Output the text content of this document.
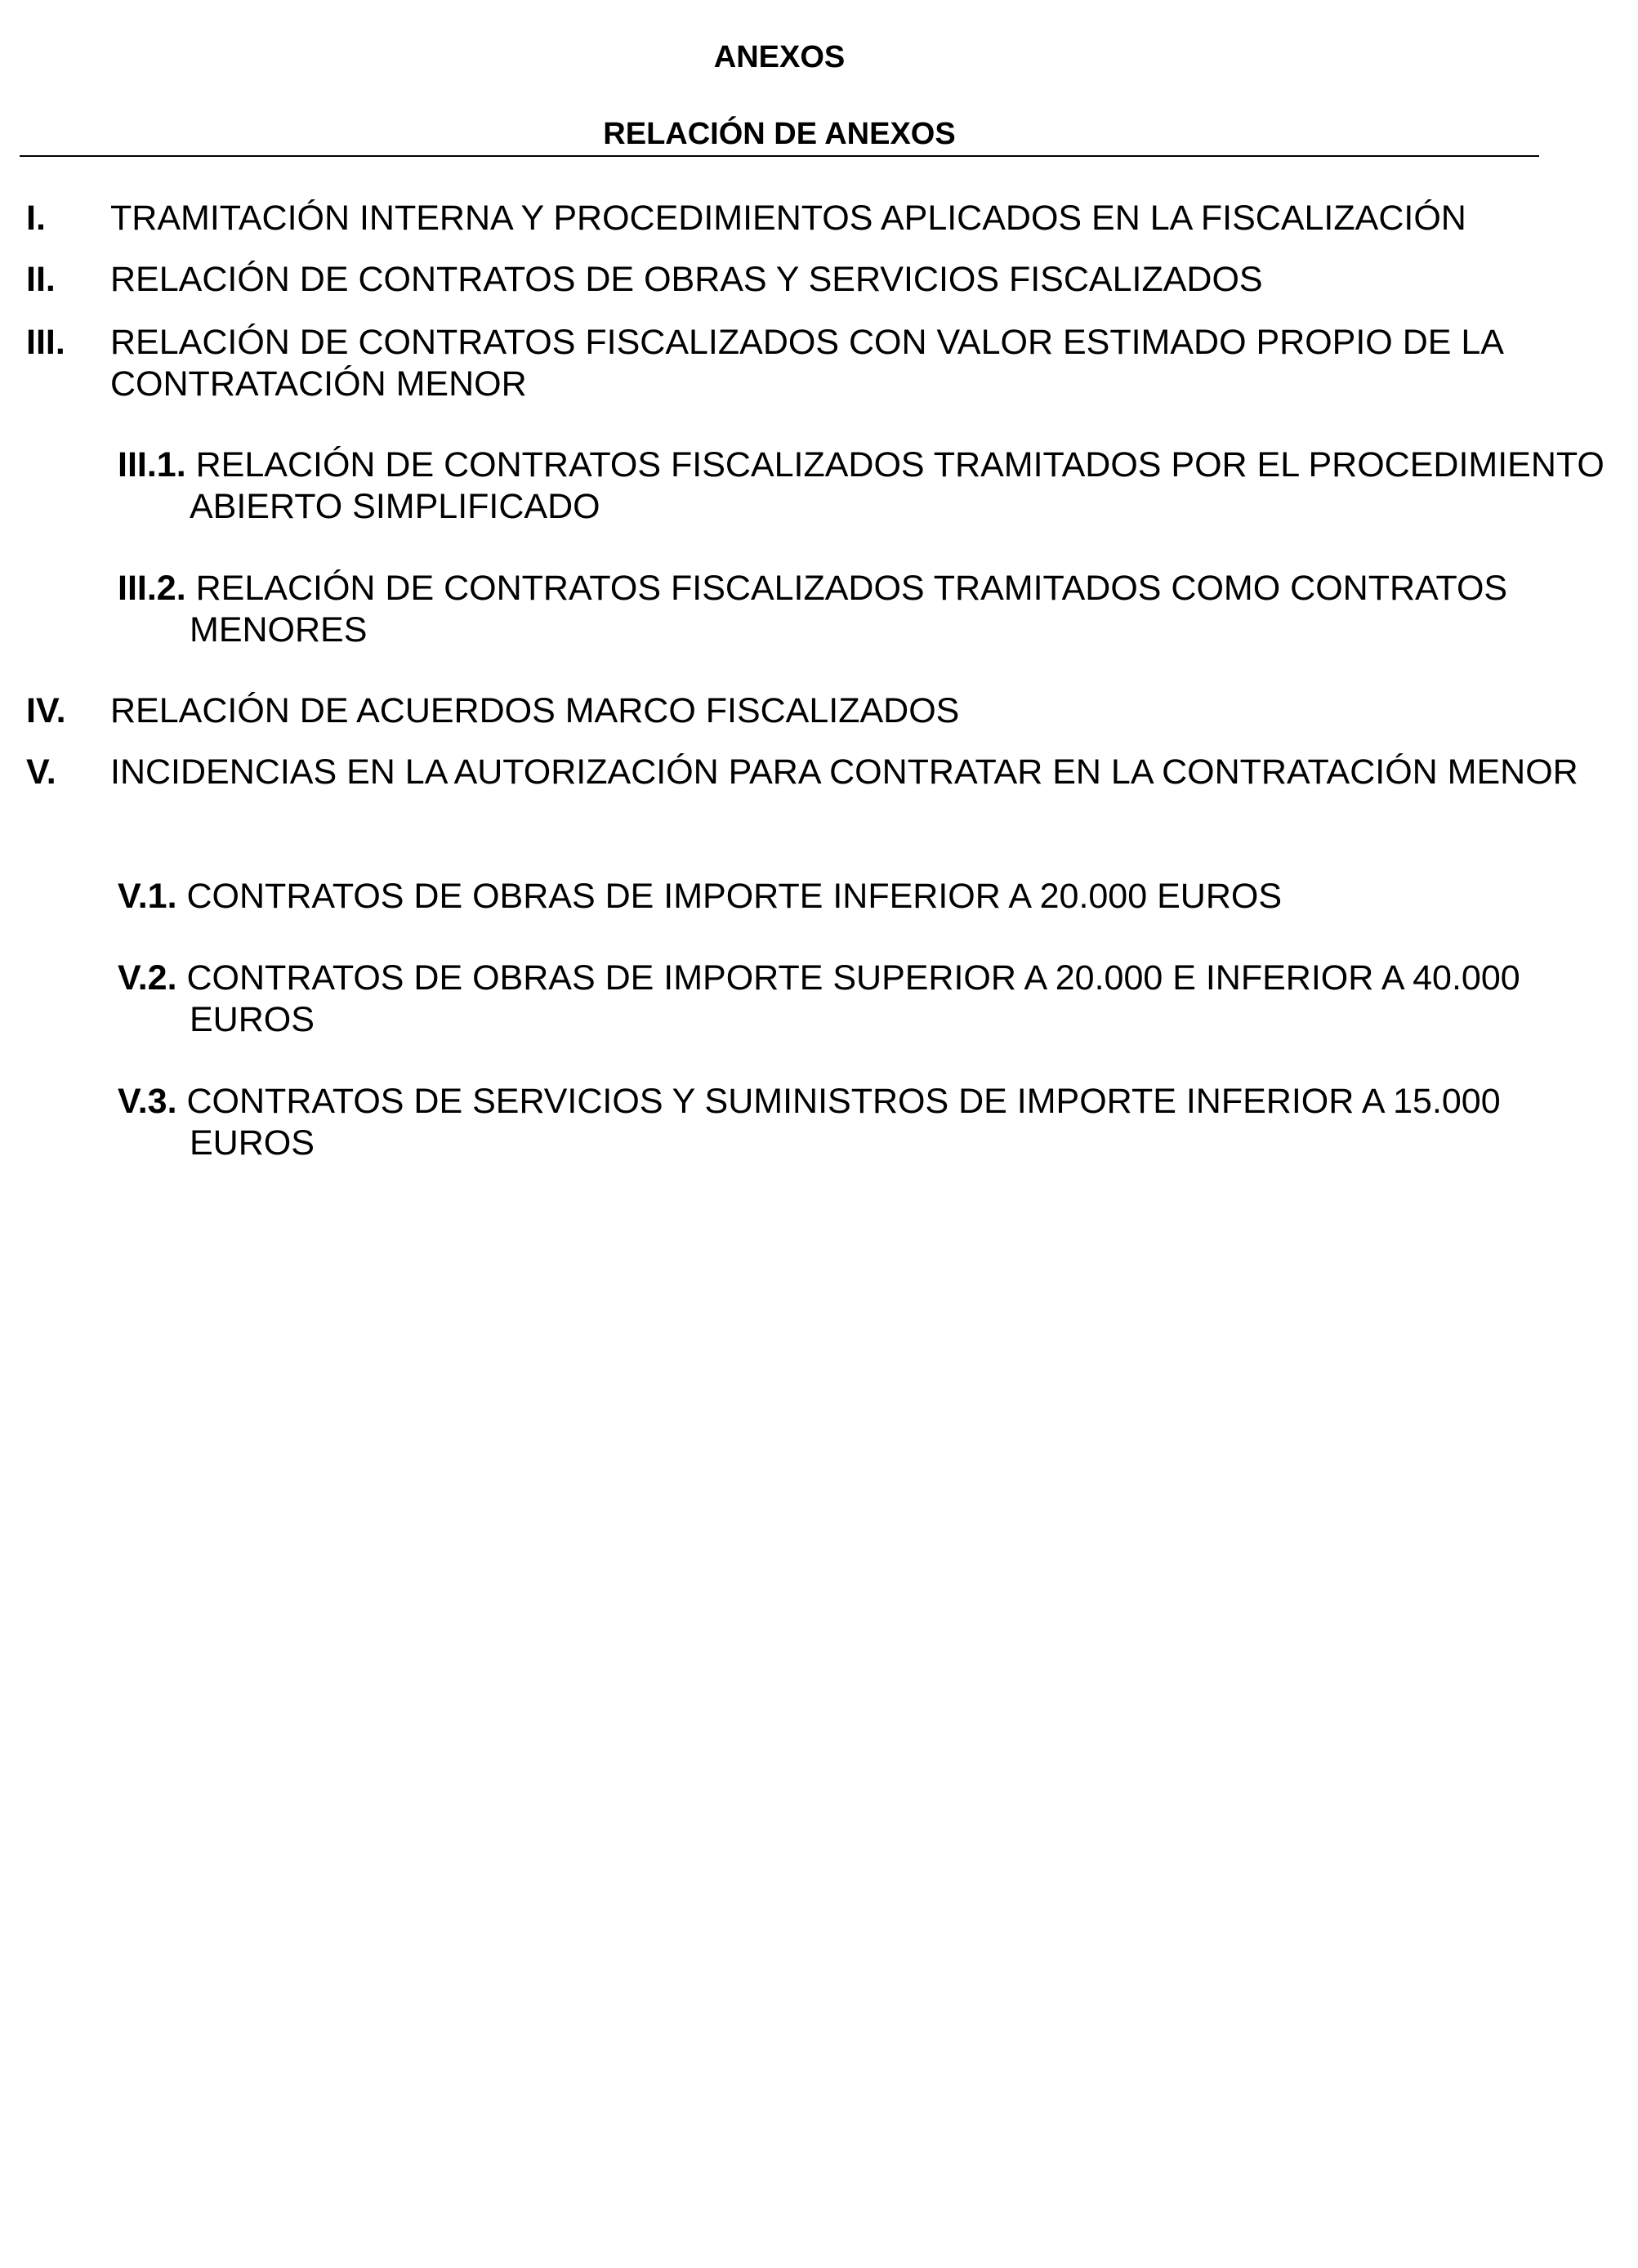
ANEXOS
RELACIÓN DE ANEXOS
I. TRAMITACIÓN INTERNA Y PROCEDIMIENTOS APLICADOS EN LA FISCALIZACIÓN
II. RELACIÓN DE CONTRATOS DE OBRAS Y SERVICIOS FISCALIZADOS
III. RELACIÓN DE CONTRATOS FISCALIZADOS CON VALOR ESTIMADO PROPIO DE LA CONTRATACIÓN MENOR
III.1. RELACIÓN DE CONTRATOS FISCALIZADOS TRAMITADOS POR EL PROCEDIMIENTO ABIERTO SIMPLIFICADO
III.2. RELACIÓN DE CONTRATOS FISCALIZADOS TRAMITADOS COMO CONTRATOS MENORES
IV. RELACIÓN DE ACUERDOS MARCO FISCALIZADOS
V. INCIDENCIAS EN LA AUTORIZACIÓN PARA CONTRATAR EN LA CONTRATACIÓN MENOR
V.1. CONTRATOS DE OBRAS DE IMPORTE INFERIOR A 20.000 EUROS
V.2. CONTRATOS DE OBRAS DE IMPORTE SUPERIOR A 20.000 E INFERIOR A 40.000 EUROS
V.3. CONTRATOS DE SERVICIOS Y SUMINISTROS DE IMPORTE INFERIOR A 15.000 EUROS
